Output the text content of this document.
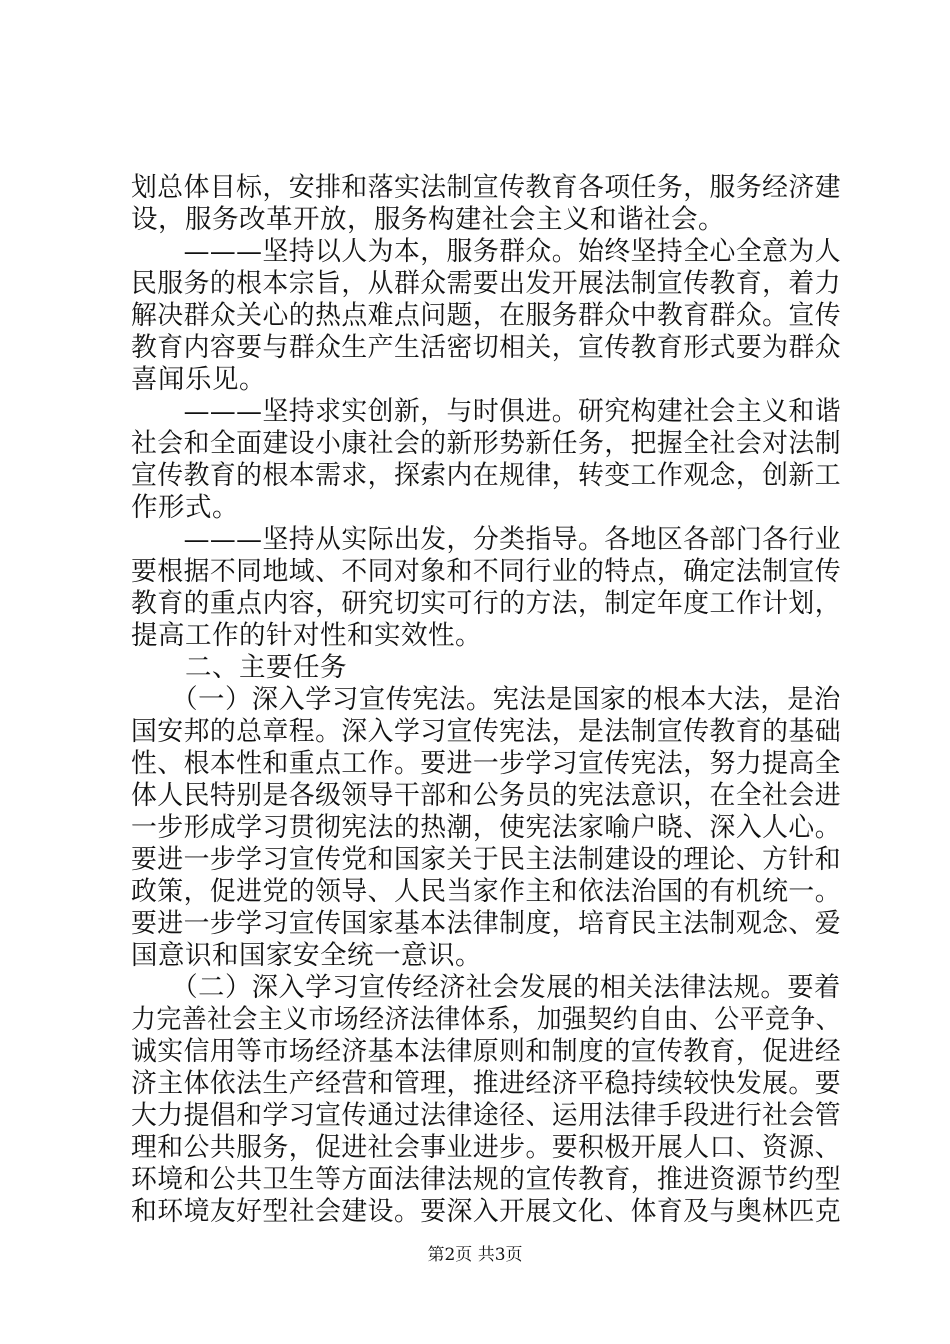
划总体目标，安排和落实法制宣传教育各项任务，服务经济建
设，服务改革开放，服务构建社会主义和谐社会。
　　———坚持以人为本，服务群众。始终坚持全心全意为人
民服务的根本宗旨，从群众需要出发开展法制宣传教育，着力
解决群众关心的热点难点问题，在服务群众中教育群众。宣传
教育内容要与群众生产生活密切相关，宣传教育形式要为群众
喜闻乐见。
　　———坚持求实创新，与时俱进。研究构建社会主义和谐
社会和全面建设小康社会的新形势新任务，把握全社会对法制
宣传教育的根本需求，探索内在规律，转变工作观念，创新工
作形式。
　　———坚持从实际出发，分类指导。各地区各部门各行业
要根据不同地域、不同对象和不同行业的特点，确定法制宣传
教育的重点内容，研究切实可行的方法，制定年度工作计划，
提高工作的针对性和实效性。
　　二、主要任务
　　（一）深入学习宣传宪法。宪法是国家的根本大法，是治
国安邦的总章程。深入学习宣传宪法，是法制宣传教育的基础
性、根本性和重点工作。要进一步学习宣传宪法，努力提高全
体人民特别是各级领导干部和公务员的宪法意识，在全社会进
一步形成学习贯彻宪法的热潮，使宪法家喻户晓、深入人心。
要进一步学习宣传党和国家关于民主法制建设的理论、方针和
政策，促进党的领导、人民当家作主和依法治国的有机统一。
要进一步学习宣传国家基本法律制度，培育民主法制观念、爱
国意识和国家安全统一意识。
　　（二）深入学习宣传经济社会发展的相关法律法规。要着
力完善社会主义市场经济法律体系，加强契约自由、公平竞争、
诚实信用等市场经济基本法律原则和制度的宣传教育，促进经
济主体依法生产经营和管理，推进经济平稳持续较快发展。要
大力提倡和学习宣传通过法律途径、运用法律手段进行社会管
理和公共服务，促进社会事业进步。要积极开展人口、资源、
环境和公共卫生等方面法律法规的宣传教育，推进资源节约型
和环境友好型社会建设。要深入开展文化、体育及与奥林匹克
第2页 共3页
